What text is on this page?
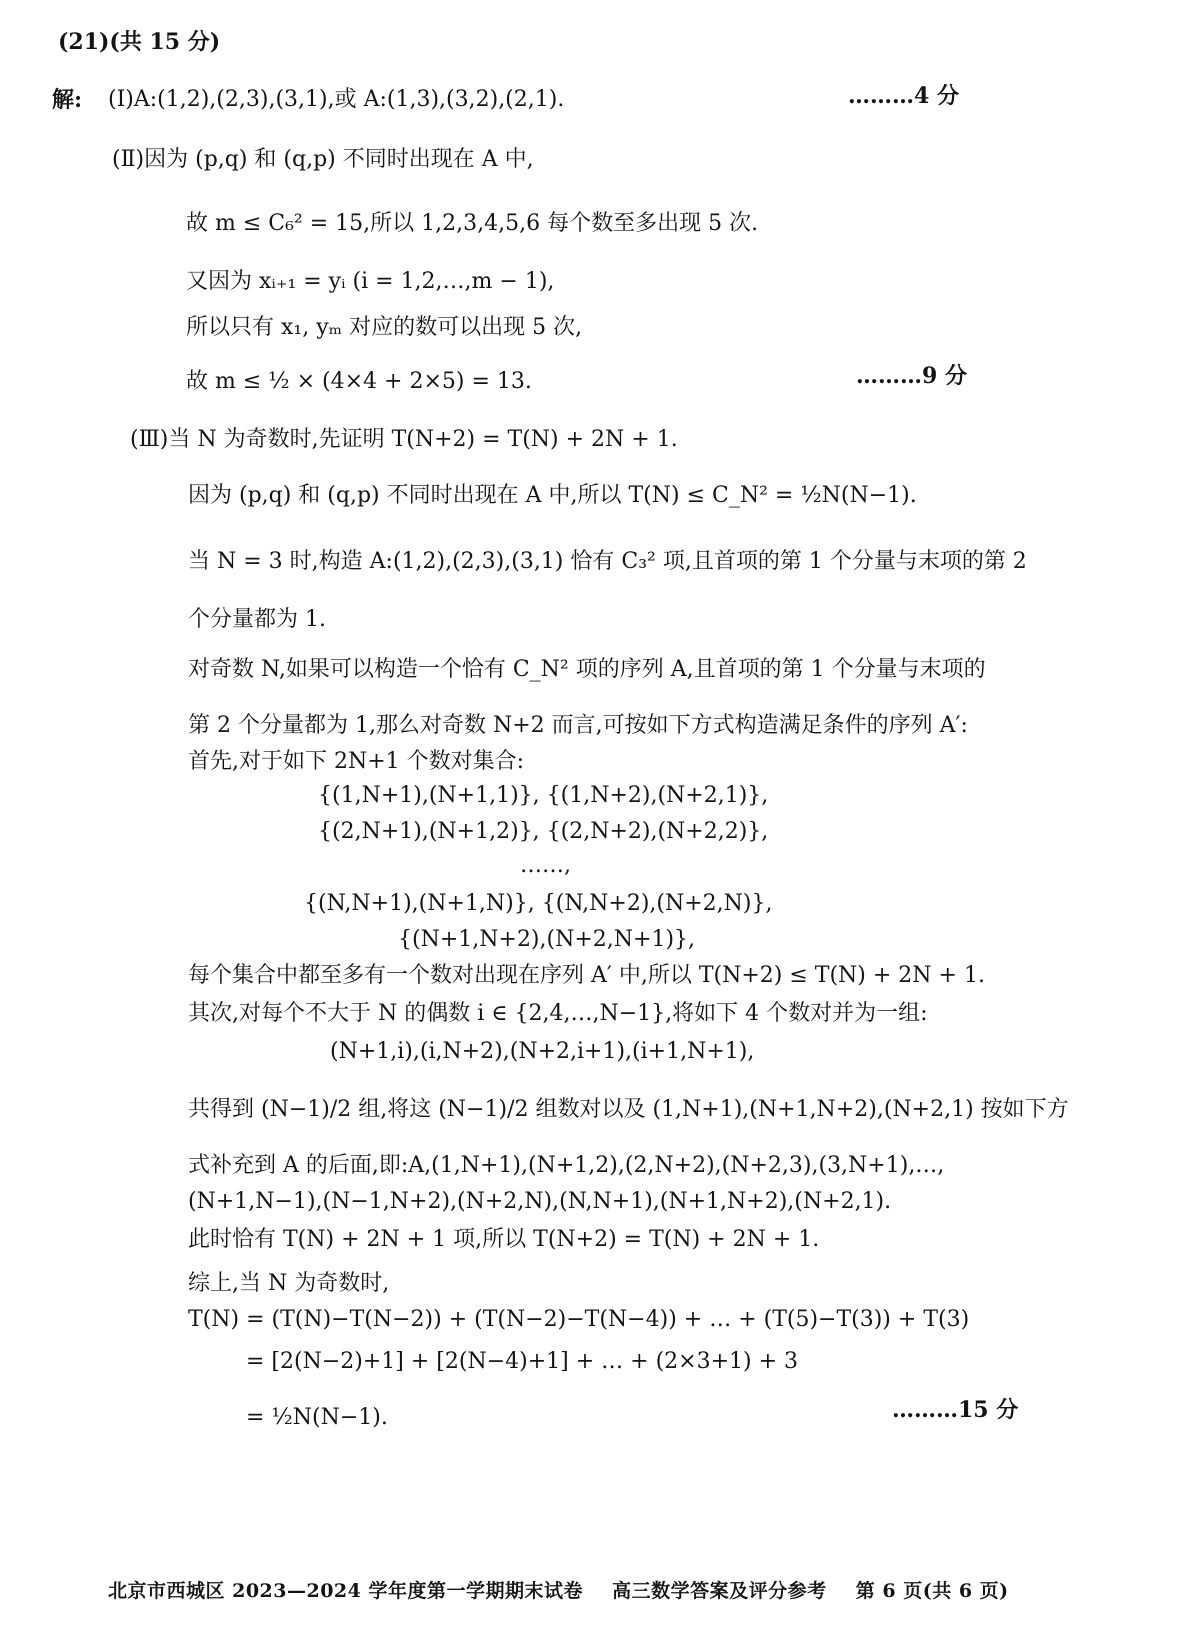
(21)(共 15 分)
解: (Ⅰ)A:(1,2),(2,3),(3,1),或 A:(1,3),(3,2),(2,1).	………4 分
(Ⅱ)因为 (p,q) 和 (q,p) 不同时出现在 A 中,
故 m ≤ C₆² = 15,所以 1,2,3,4,5,6 每个数至多出现 5 次.
又因为 xᵢ₊₁ = yᵢ (i = 1,2,…,m − 1),
所以只有 x₁, yₘ 对应的数可以出现 5 次,
故 m ≤ ½ × (4×4 + 2×5) = 13.	………9 分
(Ⅲ)当 N 为奇数时,先证明 T(N+2) = T(N) + 2N + 1.
因为 (p,q) 和 (q,p) 不同时出现在 A 中,所以 T(N) ≤ C_N² = ½N(N−1).
当 N = 3 时,构造 A:(1,2),(2,3),(3,1) 恰有 C₃² 项,且首项的第 1 个分量与末项的第 2
个分量都为 1.
对奇数 N,如果可以构造一个恰有 C_N² 项的序列 A,且首项的第 1 个分量与末项的
第 2 个分量都为 1,那么对奇数 N+2 而言,可按如下方式构造满足条件的序列 A′:
首先,对于如下 2N+1 个数对集合:
{(1,N+1),(N+1,1)}, {(1,N+2),(N+2,1)},
{(2,N+1),(N+1,2)}, {(2,N+2),(N+2,2)},
……,
{(N,N+1),(N+1,N)}, {(N,N+2),(N+2,N)},
{(N+1,N+2),(N+2,N+1)},
每个集合中都至多有一个数对出现在序列 A′ 中,所以 T(N+2) ≤ T(N) + 2N + 1.
其次,对每个不大于 N 的偶数 i ∈ {2,4,…,N−1},将如下 4 个数对并为一组:
(N+1,i),(i,N+2),(N+2,i+1),(i+1,N+1),
共得到 (N−1)/2 组,将这 (N−1)/2 组数对以及 (1,N+1),(N+1,N+2),(N+2,1) 按如下方
式补充到 A 的后面,即:A,(1,N+1),(N+1,2),(2,N+2),(N+2,3),(3,N+1),…,
(N+1,N−1),(N−1,N+2),(N+2,N),(N,N+1),(N+1,N+2),(N+2,1).
此时恰有 T(N) + 2N + 1 项,所以 T(N+2) = T(N) + 2N + 1.
综上,当 N 为奇数时,
T(N) = (T(N)−T(N−2)) + (T(N−2)−T(N−4)) + … + (T(5)−T(3)) + T(3)
= [2(N−2)+1] + [2(N−4)+1] + … + (2×3+1) + 3
= ½N(N−1).	………15 分
北京市西城区 2023—2024 学年度第一学期期末试卷 高三数学答案及评分参考 第 6 页(共 6 页)
